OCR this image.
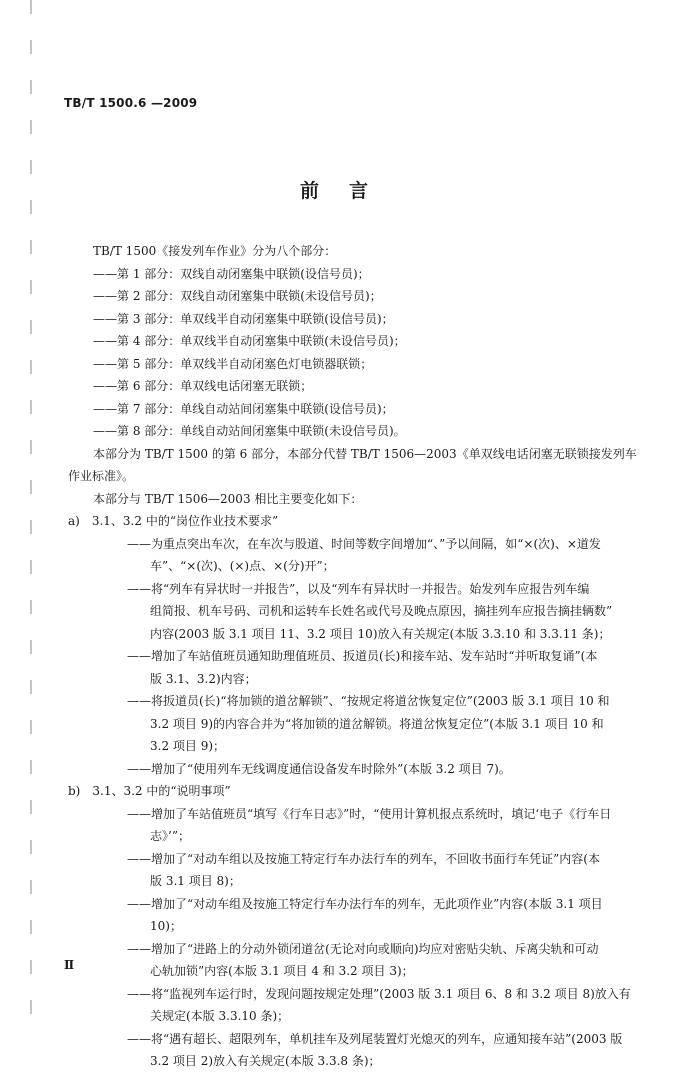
TB/T 1500.6 —2009
前言
TB/T 1500《接发列车作业》分为八个部分：
——第 1 部分：双线自动闭塞集中联锁(设信号员)；
——第 2 部分：双线自动闭塞集中联锁(未设信号员)；
——第 3 部分：单双线半自动闭塞集中联锁(设信号员)；
——第 4 部分：单双线半自动闭塞集中联锁(未设信号员)；
——第 5 部分：单双线半自动闭塞色灯电锁器联锁；
——第 6 部分：单双线电话闭塞无联锁；
——第 7 部分：单线自动站间闭塞集中联锁(设信号员)；
——第 8 部分：单线自动站间闭塞集中联锁(未设信号员)。
本部分为 TB/T 1500 的第 6 部分，本部分代替 TB/T 1506—2003《单双线电话闭塞无联锁接发列车
作业标准》。
本部分与 TB/T 1506—2003 相比主要变化如下：
a)　3.1、3.2 中的“岗位作业技术要求”
——为重点突出车次，在车次与股道、时间等数字间增加“、”予以间隔，如“×(次)、×道发
车”、“×(次)、(×)点、×(分)开”；
——将“列车有异状时一并报告”，以及“列车有异状时一并报告。始发列车应报告列车编
组简报、机车号码、司机和运转车长姓名或代号及晚点原因，摘挂列车应报告摘挂辆数”
内容(2003 版 3.1 项目 11、3.2 项目 10)放入有关规定(本版 3.3.10 和 3.3.11 条)；
——增加了车站值班员通知助理值班员、扳道员(长)和接车站、发车站时“并听取复诵”(本
版 3.1、3.2)内容；
——将扳道员(长)“将加锁的道岔解锁”、“按规定将道岔恢复定位”(2003 版 3.1 项目 10 和
3.2 项目 9)的内容合并为“将加锁的道岔解锁。将道岔恢复定位”(本版 3.1 项目 10 和
3.2 项目 9)；
——增加了“使用列车无线调度通信设备发车时除外”(本版 3.2 项目 7)。
b)　3.1、3.2 中的“说明事项”
——增加了车站值班员“填写《行车日志》”时，“使用计算机报点系统时，填记‘电子《行车日
志》’”；
——增加了“对动车组以及按施工特定行车办法行车的列车，不回收书面行车凭证”内容(本
版 3.1 项目 8)；
——增加了“对动车组及按施工特定行车办法行车的列车，无此项作业”内容(本版 3.1 项目
10)；
——增加了“进路上的分动外锁闭道岔(无论对向或顺向)均应对密贴尖轨、斥离尖轨和可动
心轨加锁”内容(本版 3.1 项目 4 和 3.2 项目 3)；
——将“监视列车运行时，发现问题按规定处理”(2003 版 3.1 项目 6、8 和 3.2 项目 8)放入有
关规定(本版 3.3.10 条)；
——将“遇有超长、超限列车，单机挂车及列尾装置灯光熄灭的列车，应通知接车站”(2003 版
3.2 项目 2)放入有关规定(本版 3.3.8 条)；
Ⅱ
